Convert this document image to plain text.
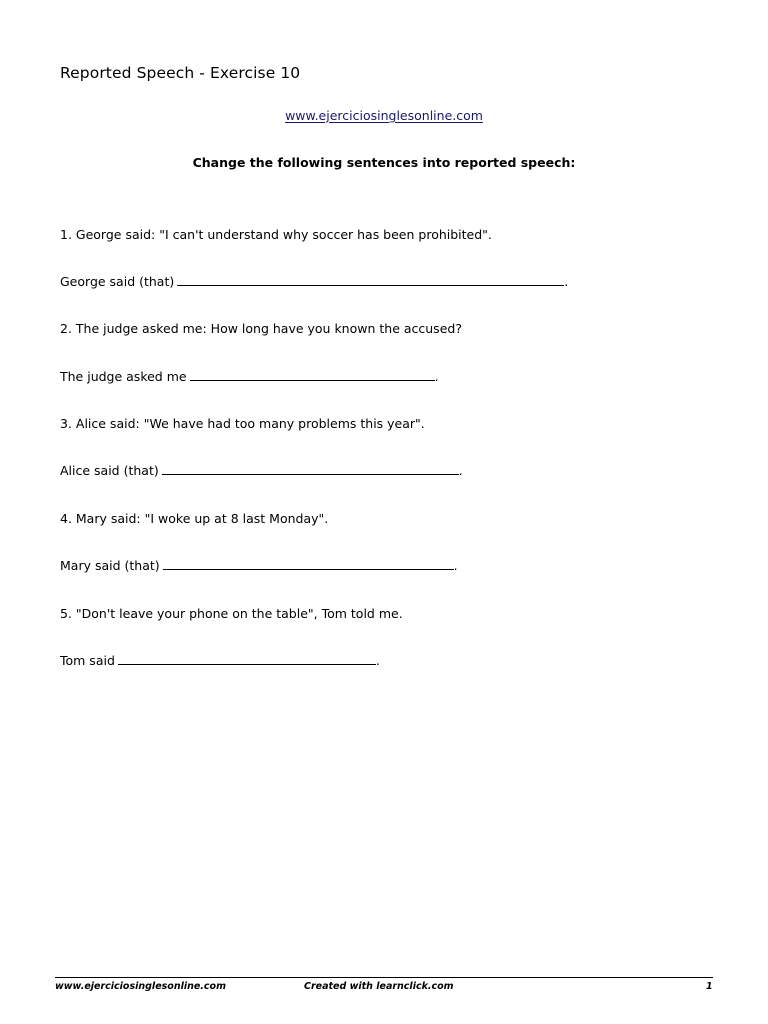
Reported Speech - Exercise 10
www.ejerciciosinglesonline.com
Change the following sentences into reported speech:
1. George said: "I can't understand why soccer has been prohibited".
George said (that)	.
2. The judge asked me: How long have you known the accused?
The judge asked me	.
3. Alice said: "We have had too many problems this year".
Alice said (that)	.
4. Mary said: "I woke up at 8 last Monday".
Mary said (that)	.
5. "Don't leave your phone on the table", Tom told me.
Tom said	.
www.ejerciciosinglesonline.com	Created with learnclick.com	1
